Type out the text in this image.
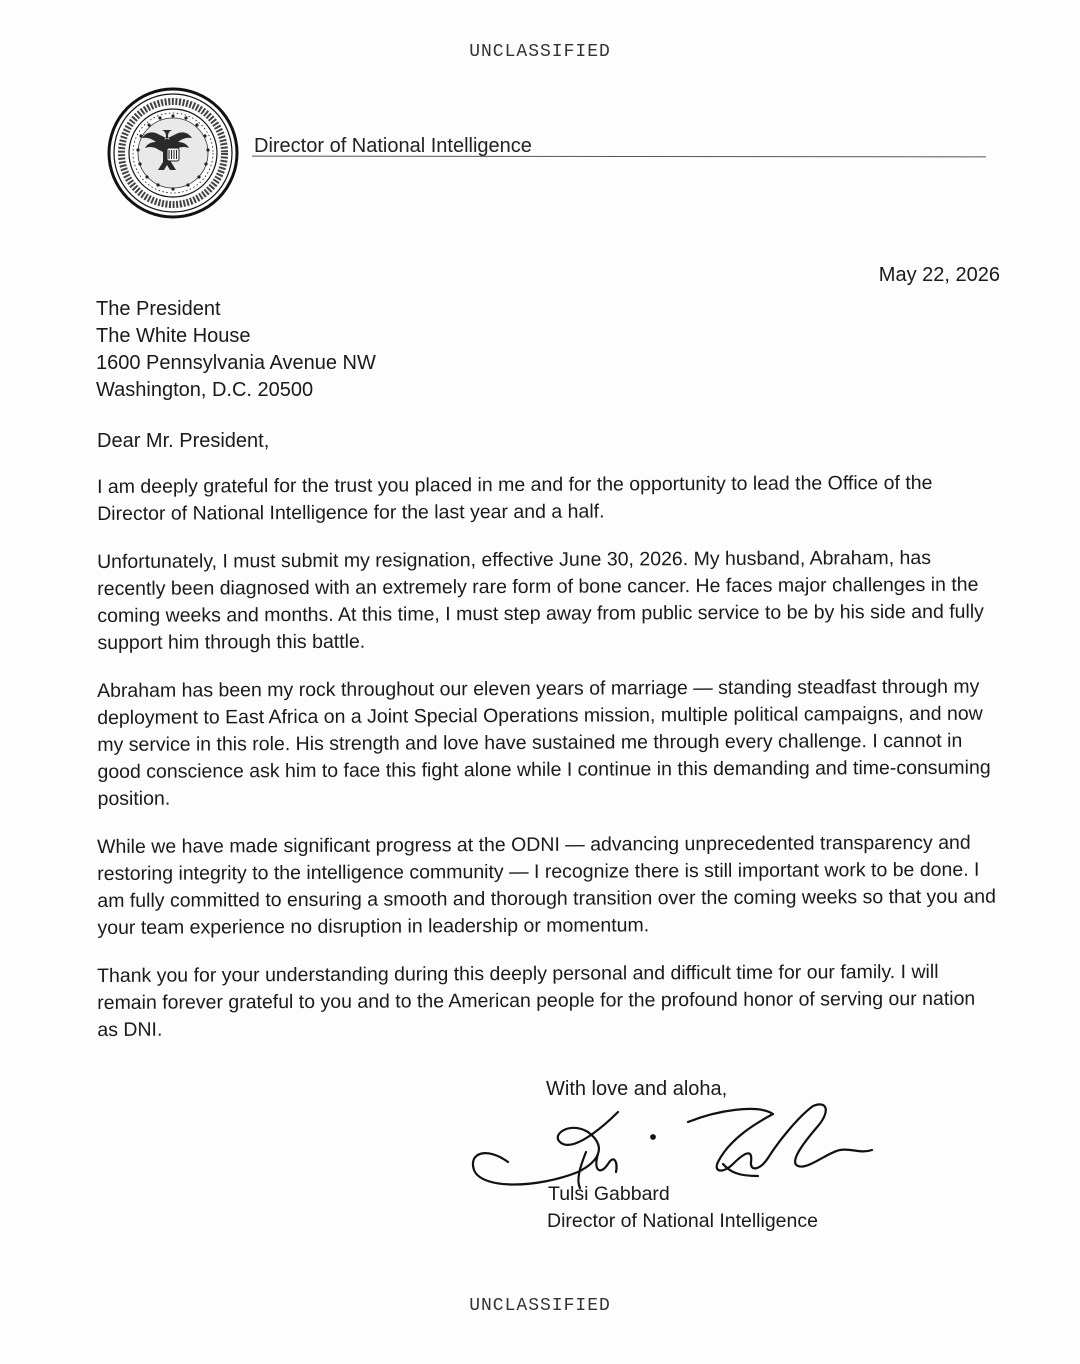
UNCLASSIFIED
Director of National Intelligence
May 22, 2026
The President
The White House
1600 Pennsylvania Avenue NW
Washington, D.C. 20500
Dear Mr. President,

I am deeply grateful for the trust you placed in me and for the opportunity to lead the Office of the Director of National Intelligence for the last year and a half.

Unfortunately, I must submit my resignation, effective June 30, 2026. My husband, Abraham, has recently been diagnosed with an extremely rare form of bone cancer. He faces major challenges in the coming weeks and months. At this time, I must step away from public service to be by his side and fully support him through this battle.

Abraham has been my rock throughout our eleven years of marriage — standing steadfast through my deployment to East Africa on a Joint Special Operations mission, multiple political campaigns, and now my service in this role. His strength and love have sustained me through every challenge. I cannot in good conscience ask him to face this fight alone while I continue in this demanding and time-consuming position.

While we have made significant progress at the ODNI — advancing unprecedented transparency and restoring integrity to the intelligence community — I recognize there is still important work to be done. I am fully committed to ensuring a smooth and thorough transition over the coming weeks so that you and your team experience no disruption in leadership or momentum.

Thank you for your understanding during this deeply personal and difficult time for our family. I will remain forever grateful to you and to the American people for the profound honor of serving our nation as DNI.

With love and aloha,
Tulsi Gabbard
Director of National Intelligence
UNCLASSIFIED
